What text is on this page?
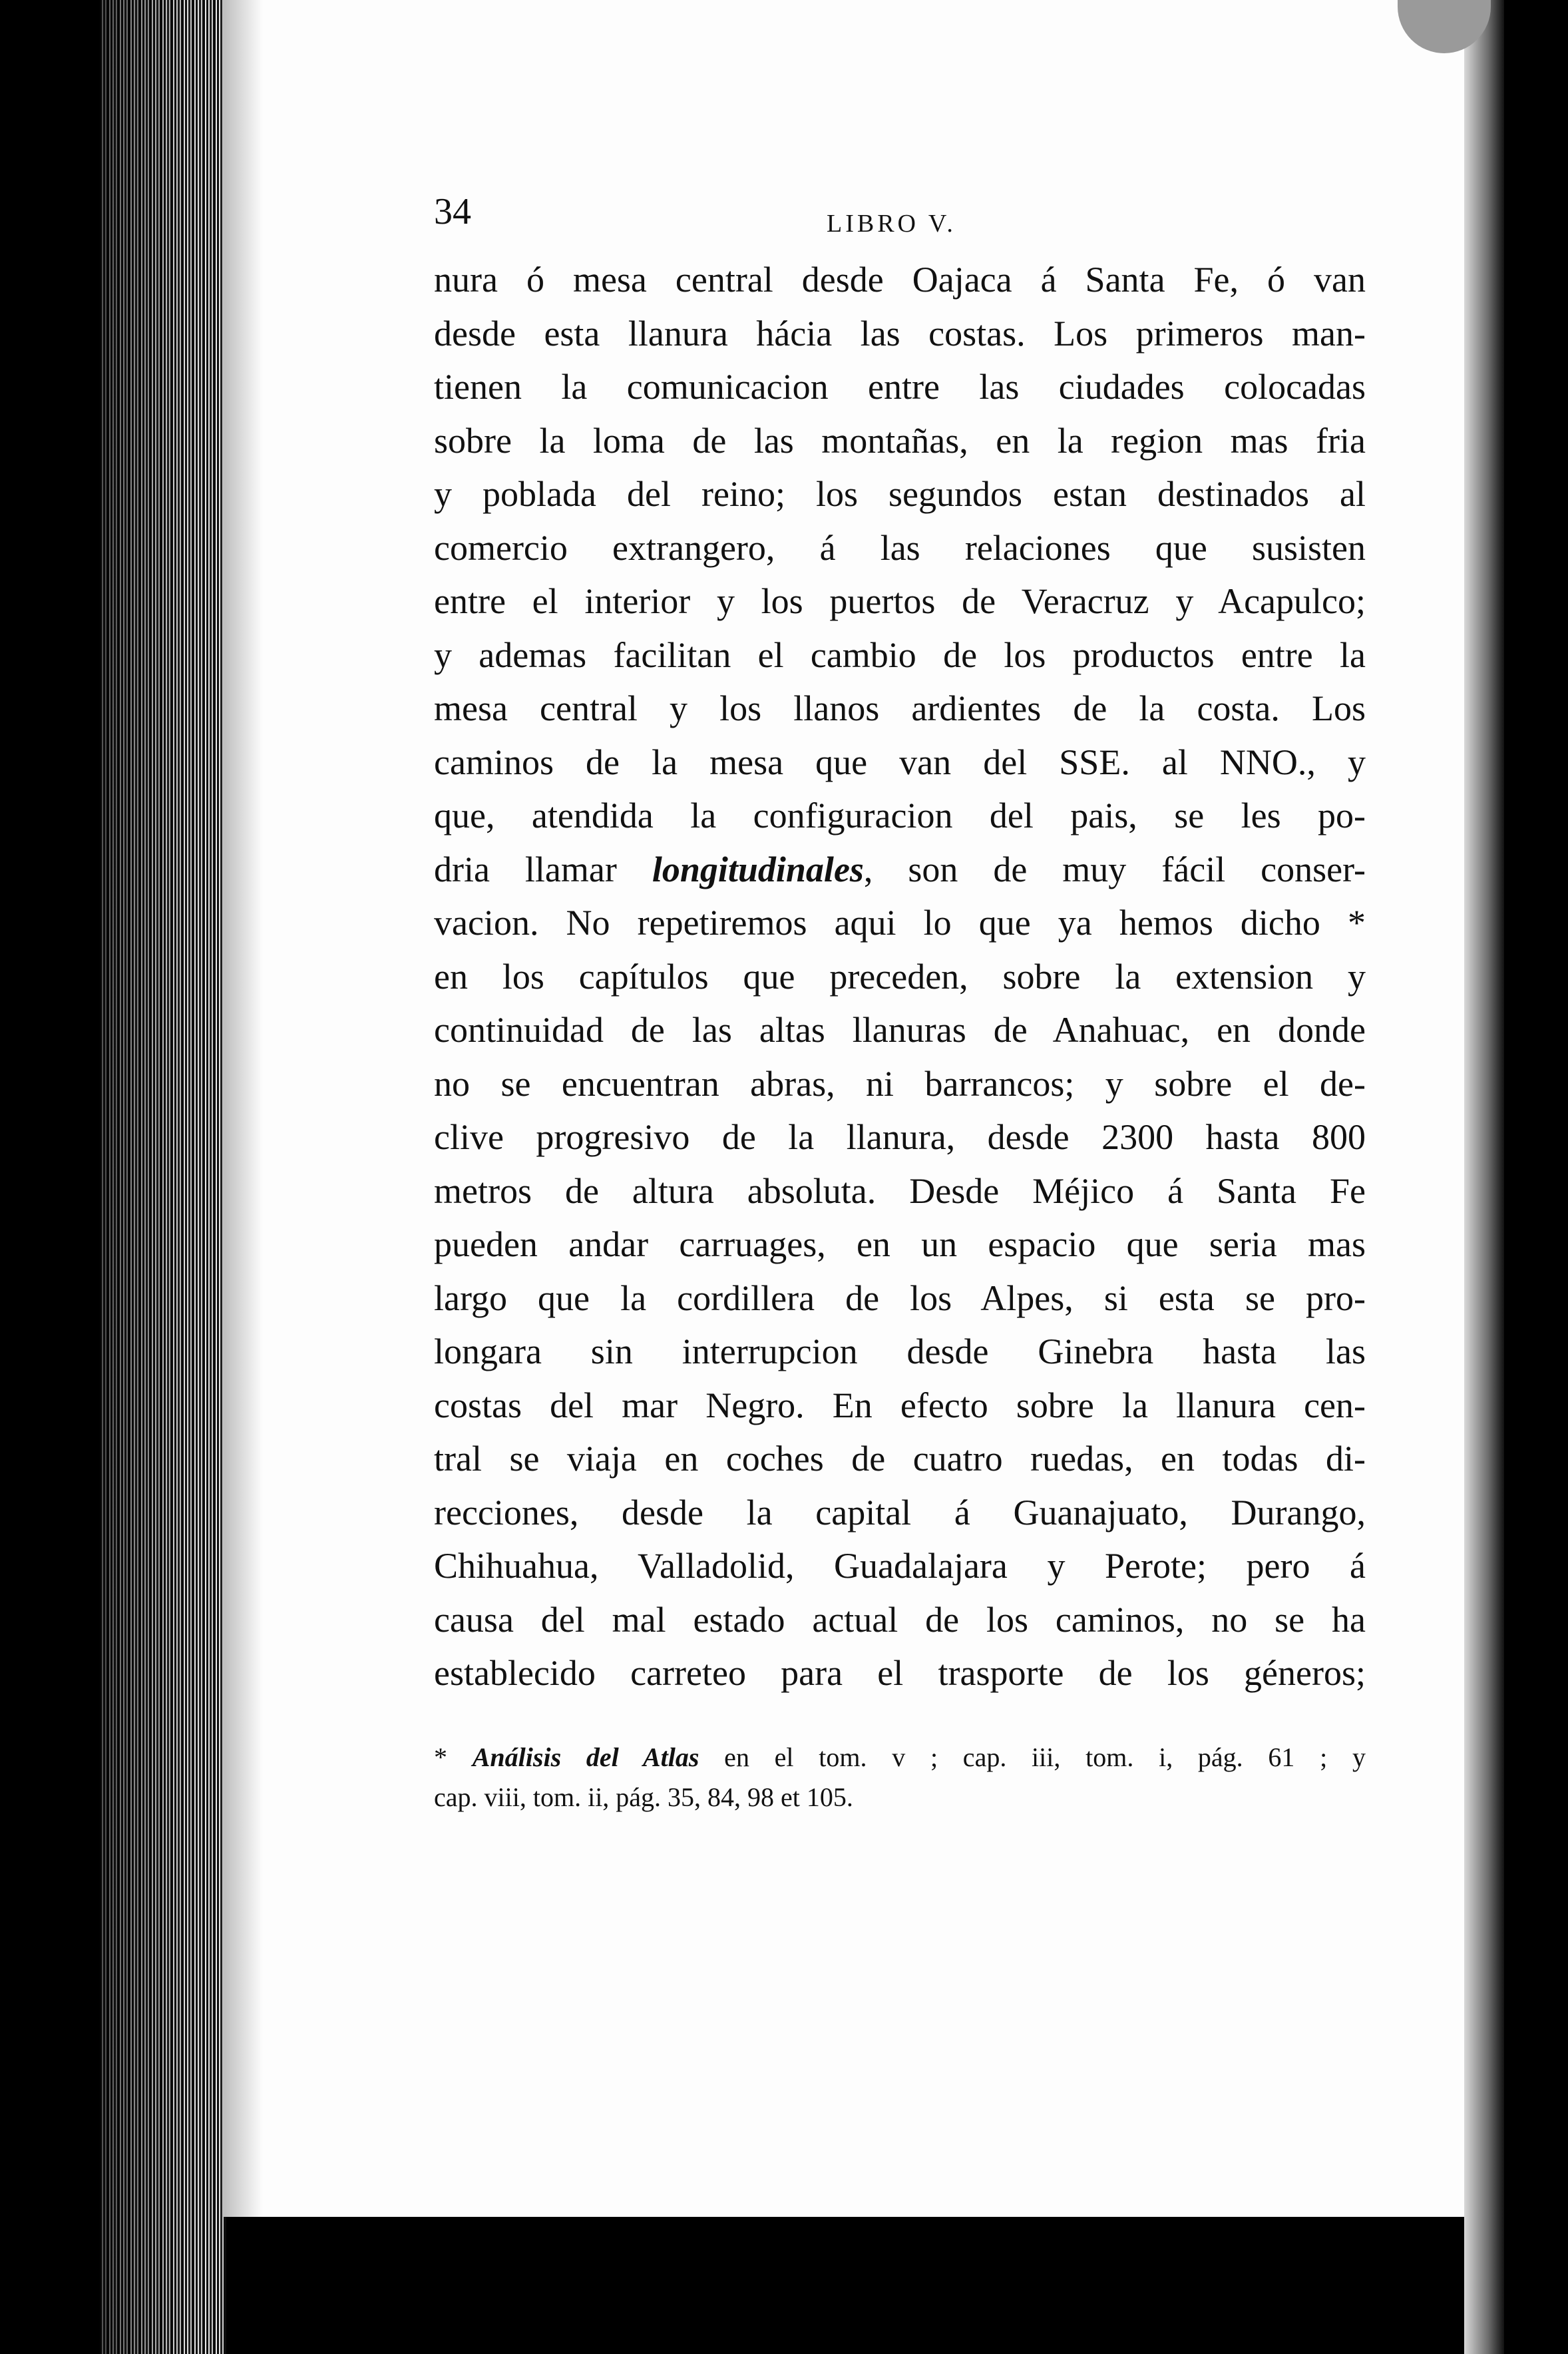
34	LIBRO V.
nura ó mesa central desde Oajaca á Santa Fe, ó van
desde esta llanura hácia las costas. Los primeros man-
tienen la comunicacion entre las ciudades colocadas
sobre la loma de las montañas, en la region mas fria
y poblada del reino; los segundos estan destinados al
comercio extrangero, á las relaciones que susisten
entre el interior y los puertos de Veracruz y Acapulco;
y ademas facilitan el cambio de los productos entre la
mesa central y los llanos ardientes de la costa. Los
caminos de la mesa que van del SSE. al NNO., y
que, atendida la configuracion del pais, se les po-
dria llamar longitudinales, son de muy fácil conser-
vacion. No repetiremos aqui lo que ya hemos dicho *
en los capítulos que preceden, sobre la extension y
continuidad de las altas llanuras de Anahuac, en donde
no se encuentran abras, ni barrancos; y sobre el de-
clive progresivo de la llanura, desde 2300 hasta 800
metros de altura absoluta. Desde Méjico á Santa Fe
pueden andar carruages, en un espacio que seria mas
largo que la cordillera de los Alpes, si esta se pro-
longara sin interrupcion desde Ginebra hasta las
costas del mar Negro. En efecto sobre la llanura cen-
tral se viaja en coches de cuatro ruedas, en todas di-
recciones, desde la capital á Guanajuato, Durango,
Chihuahua, Valladolid, Guadalajara y Perote; pero á
causa del mal estado actual de los caminos, no se ha
establecido carreteo para el trasporte de los géneros;
* Análisis del Atlas en el tom. v ; cap. iii, tom. i, pág. 61 ; y
cap. viii, tom. ii, pág. 35, 84, 98 et 105.
